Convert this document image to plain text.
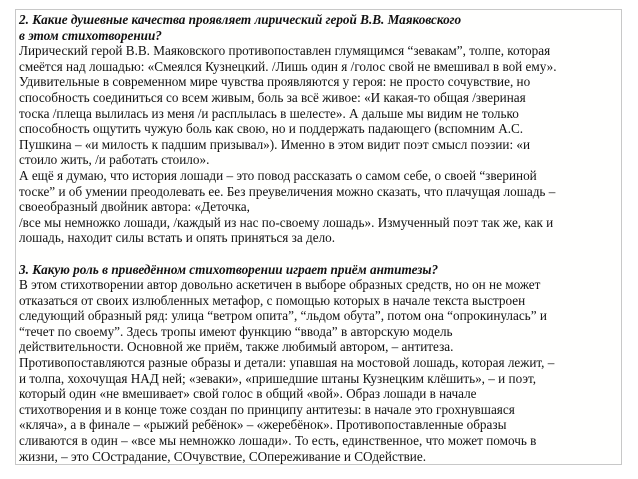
2. Какие душевные качества проявляет лирический герой В.В. Маяковского
в этом стихотворении?

Лирический герой В.В. Маяковского противопоставлен глумящимся “зевакам”, толпе, которая
смеётся над лошадью: «Смеялся Кузнецкий. /Лишь один я /голос свой не вмешивал в вой ему».
Удивительные в современном мире чувства проявляются у героя: не просто сочувствие, но
способность соединиться со всем живым, боль за всё живое: «И какая-то общая /звериная
тоска /плеща вылилась из меня /и расплылась в шелесте». А дальше мы видим не только
способность ощутить чужую боль как свою, но и поддержать падающего (вспомним А.С.
Пушкина – «и милость к падшим призывал»). Именно в этом видит поэт смысл поэзии: «и
стоило жить, /и работать стоило».

А ещё я думаю, что история лошади – это повод рассказать о самом себе, о своей “звериной
тоске” и об умении преодолевать ее. Без преувеличения можно сказать, что плачущая лошадь –
своеобразный двойник автора: «Деточка,
/все мы немножко лошади, /каждый из нас по-своему лошадь». Измученный поэт так же, как и
лошадь, находит силы встать и опять приняться за дело.

3. Какую роль в приведённом стихотворении играет приём антитезы?

В этом стихотворении автор довольно аскетичен в выборе образных средств, но он не может
отказаться от своих излюбленных метафор, с помощью которых в начале текста выстроен
следующий образный ряд: улица “ветром опита”, “льдом обута”, потом она “опрокинулась” и
“течет по своему”. Здесь тропы имеют функцию “ввода” в авторскую модель
действительности. Основной же приём, также любимый автором, – антитеза.
Противопоставляются разные образы и детали: упавшая на мостовой лошадь, которая лежит, –
и толпа, хохочущая НАД ней; «зеваки», «пришедшие штаны Кузнецким клёшить», – и поэт,
который один «не вмешивает» свой голос в общий «вой». Образ лошади в начале
стихотворения и в конце тоже создан по принципу антитезы: в начале это грохнувшаяся
«кляча», а в финале – «рыжий ребёнок» – «жеребёнок». Противопоставленные образы
сливаются в один – «все мы немножко лошади». То есть, единственное, что может помочь в
жизни, – это СОстрадание, СОчувствие, СОпереживание и СОдействие.
